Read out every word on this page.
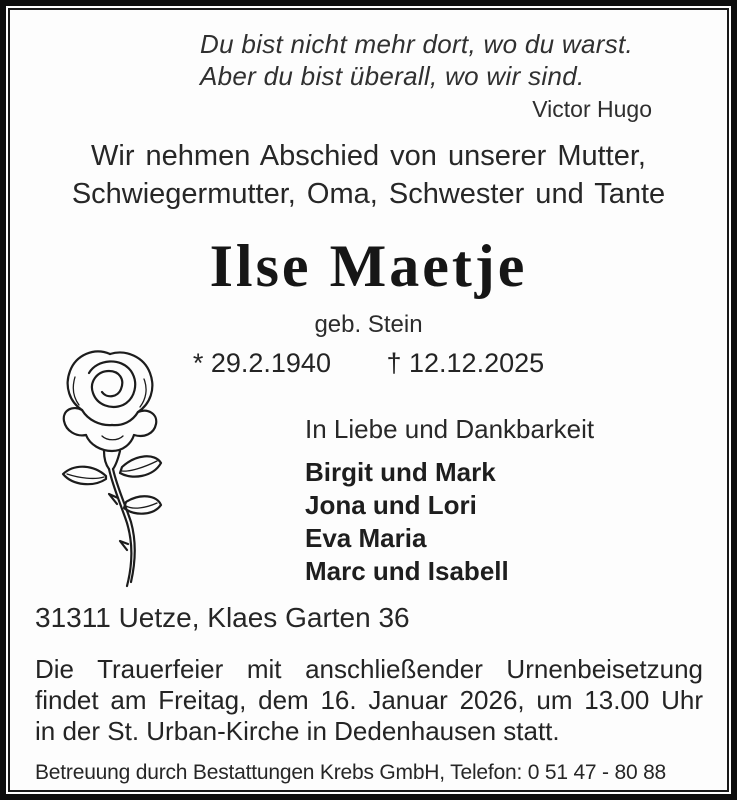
Du bist nicht mehr dort, wo du warst.
Aber du bist überall, wo wir sind.
Victor Hugo
Wir nehmen Abschied von unserer Mutter,
Schwiegermutter, Oma, Schwester und Tante
Ilse Maetje
geb. Stein
* 29.2.1940 † 12.12.2025
In Liebe und Dankbarkeit
Birgit und Mark
Jona und Lori
Eva Maria
Marc und Isabell
31311 Uetze, Klaes Garten 36
Die Trauerfeier mit anschließender Urnenbeisetzung
findet am Freitag, dem 16. Januar 2026, um 13.00 Uhr
in der St. Urban-Kirche in Dedenhausen statt.
Betreuung durch Bestattungen Krebs GmbH, Telefon: 0 51 47 - 80 88
